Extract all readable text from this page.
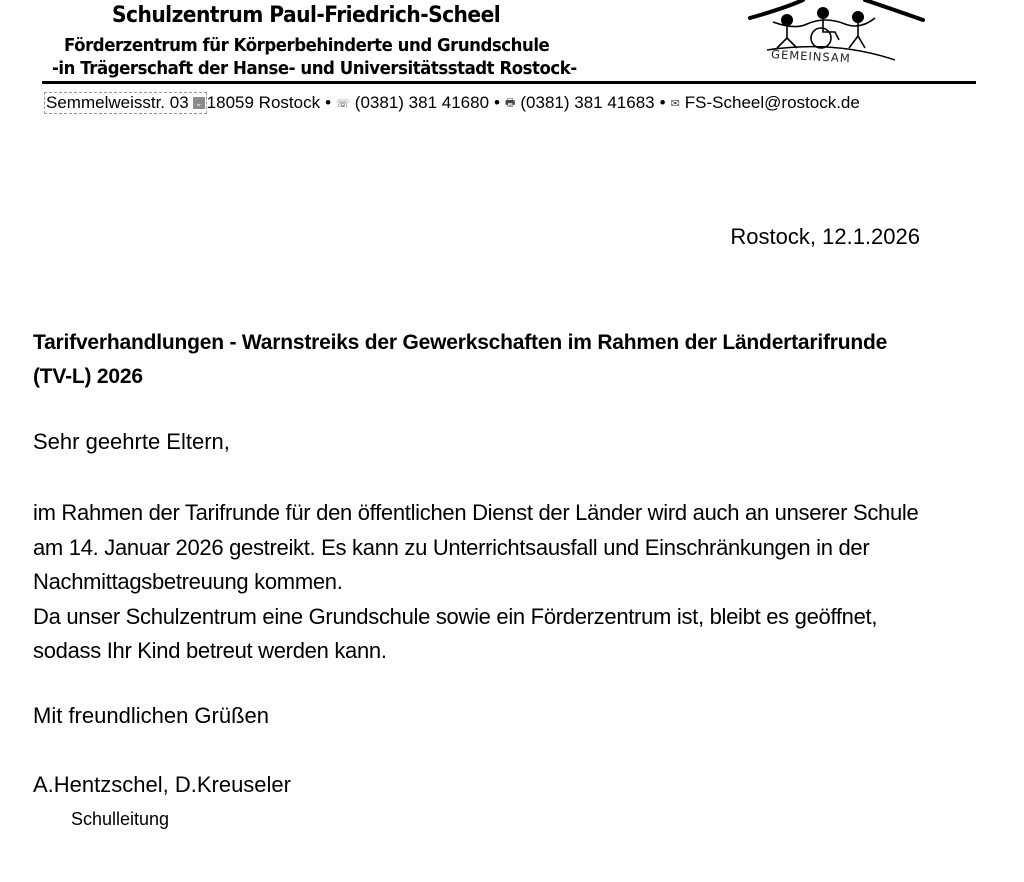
Schulzentrum Paul-Friedrich-Scheel
Förderzentrum für Körperbehinderte und Grundschule
-in Trägerschaft der Hanse- und Universitätsstadt Rostock-
GEMEINSAM
Semmelweisstr. 03 ⌄ 18059 Rostock • ☏ (0381) 381 41680 • 🖶 (0381) 381 41683 • ✉ FS-Scheel@rostock.de
Rostock, 12.1.2026
Tarifverhandlungen - Warnstreiks der Gewerkschaften im Rahmen der Ländertarifrunde (TV-L) 2026
Sehr geehrte Eltern,

im Rahmen der Tarifrunde für den öffentlichen Dienst der Länder wird auch an unserer Schule am 14. Januar 2026 gestreikt. Es kann zu Unterrichtsausfall und Einschränkungen in der Nachmittagsbetreuung kommen.

Da unser Schulzentrum eine Grundschule sowie ein Förderzentrum ist, bleibt es geöffnet, sodass Ihr Kind betreut werden kann.

Mit freundlichen Grüßen
A.Hentzschel, D.Kreuseler
Schulleitung
